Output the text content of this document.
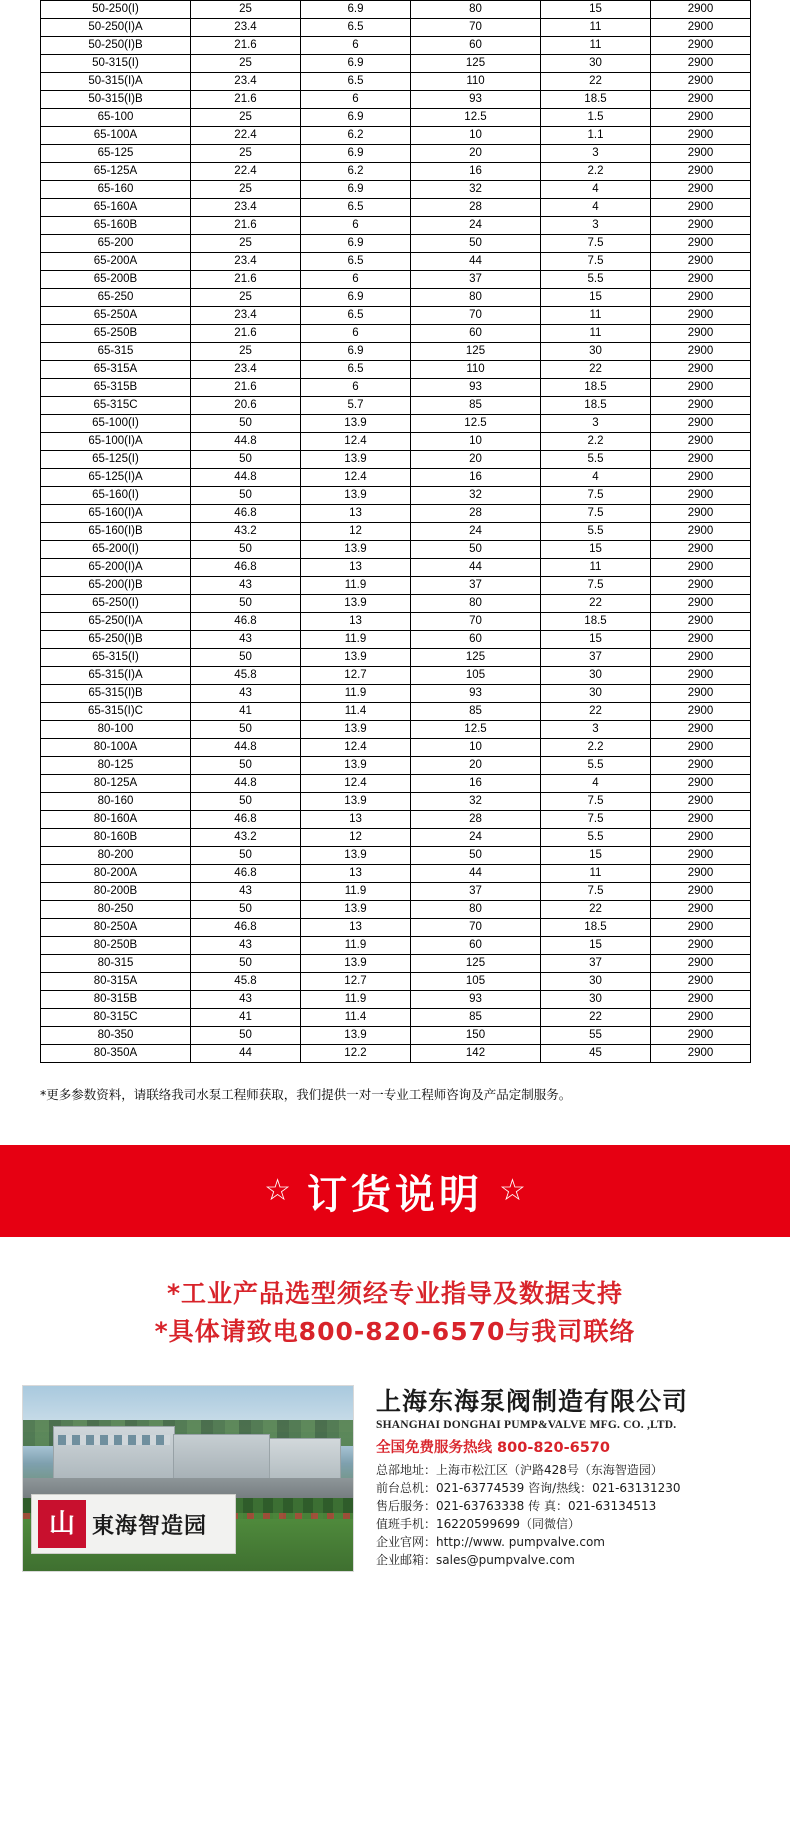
50-250(I)	25	6.9	80	15	2900
50-250(I)A	23.4	6.5	70	11	2900
50-250(I)B	21.6	6	60	11	2900
50-315(I)	25	6.9	125	30	2900
50-315(I)A	23.4	6.5	110	22	2900
50-315(I)B	21.6	6	93	18.5	2900
65-100	25	6.9	12.5	1.5	2900
65-100A	22.4	6.2	10	1.1	2900
65-125	25	6.9	20	3	2900
65-125A	22.4	6.2	16	2.2	2900
65-160	25	6.9	32	4	2900
65-160A	23.4	6.5	28	4	2900
65-160B	21.6	6	24	3	2900
65-200	25	6.9	50	7.5	2900
65-200A	23.4	6.5	44	7.5	2900
65-200B	21.6	6	37	5.5	2900
65-250	25	6.9	80	15	2900
65-250A	23.4	6.5	70	11	2900
65-250B	21.6	6	60	11	2900
65-315	25	6.9	125	30	2900
65-315A	23.4	6.5	110	22	2900
65-315B	21.6	6	93	18.5	2900
65-315C	20.6	5.7	85	18.5	2900
65-100(I)	50	13.9	12.5	3	2900
65-100(I)A	44.8	12.4	10	2.2	2900
65-125(I)	50	13.9	20	5.5	2900
65-125(I)A	44.8	12.4	16	4	2900
65-160(I)	50	13.9	32	7.5	2900
65-160(I)A	46.8	13	28	7.5	2900
65-160(I)B	43.2	12	24	5.5	2900
65-200(I)	50	13.9	50	15	2900
65-200(I)A	46.8	13	44	11	2900
65-200(I)B	43	11.9	37	7.5	2900
65-250(I)	50	13.9	80	22	2900
65-250(I)A	46.8	13	70	18.5	2900
65-250(I)B	43	11.9	60	15	2900
65-315(I)	50	13.9	125	37	2900
65-315(I)A	45.8	12.7	105	30	2900
65-315(I)B	43	11.9	93	30	2900
65-315(I)C	41	11.4	85	22	2900
80-100	50	13.9	12.5	3	2900
80-100A	44.8	12.4	10	2.2	2900
80-125	50	13.9	20	5.5	2900
80-125A	44.8	12.4	16	4	2900
80-160	50	13.9	32	7.5	2900
80-160A	46.8	13	28	7.5	2900
80-160B	43.2	12	24	5.5	2900
80-200	50	13.9	50	15	2900
80-200A	46.8	13	44	11	2900
80-200B	43	11.9	37	7.5	2900
80-250	50	13.9	80	22	2900
80-250A	46.8	13	70	18.5	2900
80-250B	43	11.9	60	15	2900
80-315	50	13.9	125	37	2900
80-315A	45.8	12.7	105	30	2900
80-315B	43	11.9	93	30	2900
80-315C	41	11.4	85	22	2900
80-350	50	13.9	150	55	2900
80-350A	44	12.2	142	45	2900
*更多参数资料，请联络我司水泵工程师获取，我们提供一对一专业工程师咨询及产品定制服务。
☆ 订货说明 ☆
*工业产品选型须经专业指导及数据支持
*具体请致电800-820-6570与我司联络
山 東海智造园
上海东海泵阀制造有限公司
SHANGHAI DONGHAI PUMP&VALVE MFG. CO. ,LTD.
全国免费服务热线 800-820-6570
总部地址：上海市松江区（沪路428号（东海智造园）
前台总机：021-63774539 咨询/热线：021-63131230
售后服务：021-63763338 传 真：021-63134513
值班手机：16220599699（同微信）
企业官网：http://www. pumpvalve.com
企业邮箱：sales@pumpvalve.com
